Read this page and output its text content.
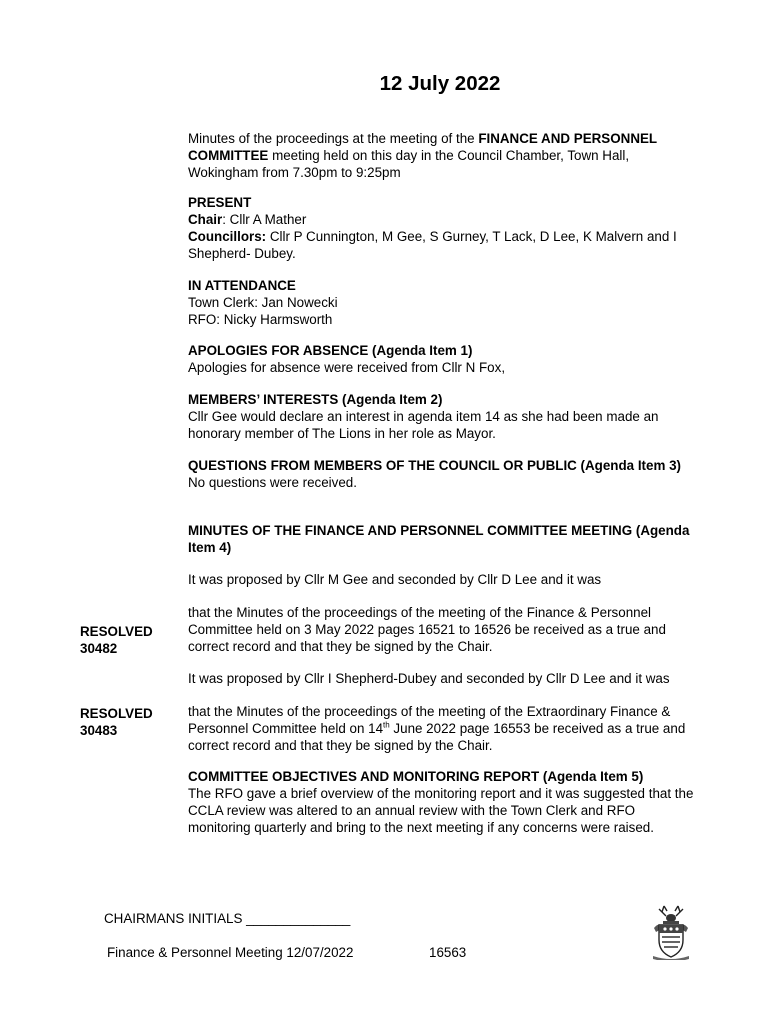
12 July 2022

Minutes of the proceedings at the meeting of the FINANCE AND PERSONNEL COMMITTEE meeting held on this day in the Council Chamber, Town Hall, Wokingham from 7.30pm to 9:25pm

PRESENT

Chair: Cllr A Mather

Councillors: Cllr P Cunnington, M Gee, S Gurney, T Lack, D Lee, K Malvern and I Shepherd- Dubey.

IN ATTENDANCE

Town Clerk: Jan Nowecki

RFO: Nicky Harmsworth

APOLOGIES FOR ABSENCE (Agenda Item 1)

Apologies for absence were received from Cllr N Fox,

MEMBERS’ INTERESTS (Agenda Item 2)

Cllr Gee would declare an interest in agenda item 14 as she had been made an honorary member of The Lions in her role as Mayor.

QUESTIONS FROM MEMBERS OF THE COUNCIL OR PUBLIC (Agenda Item 3)

No questions were received.

MINUTES OF THE FINANCE AND PERSONNEL COMMITTEE MEETING (Agenda Item 4)

It was proposed by Cllr M Gee and seconded by Cllr D Lee and it was

RESOLVED
30482

that the Minutes of the proceedings of the meeting of the Finance & Personnel Committee held on 3 May 2022 pages 16521 to 16526 be received as a true and correct record and that they be signed by the Chair.

It was proposed by Cllr I Shepherd-Dubey and seconded by Cllr D Lee and it was

RESOLVED
30483

that the Minutes of the proceedings of the meeting of the Extraordinary Finance & Personnel Committee held on 14th June 2022 page 16553 be received as a true and correct record and that they be signed by the Chair.

COMMITTEE OBJECTIVES AND MONITORING REPORT (Agenda Item 5)

The RFO gave a brief overview of the monitoring report and it was suggested that the CCLA review was altered to an annual review with the Town Clerk and RFO monitoring quarterly and bring to the next meeting if any concerns were raised.

CHAIRMANS INITIALS ______________
Finance & Personnel Meeting 12/07/2022	16563
